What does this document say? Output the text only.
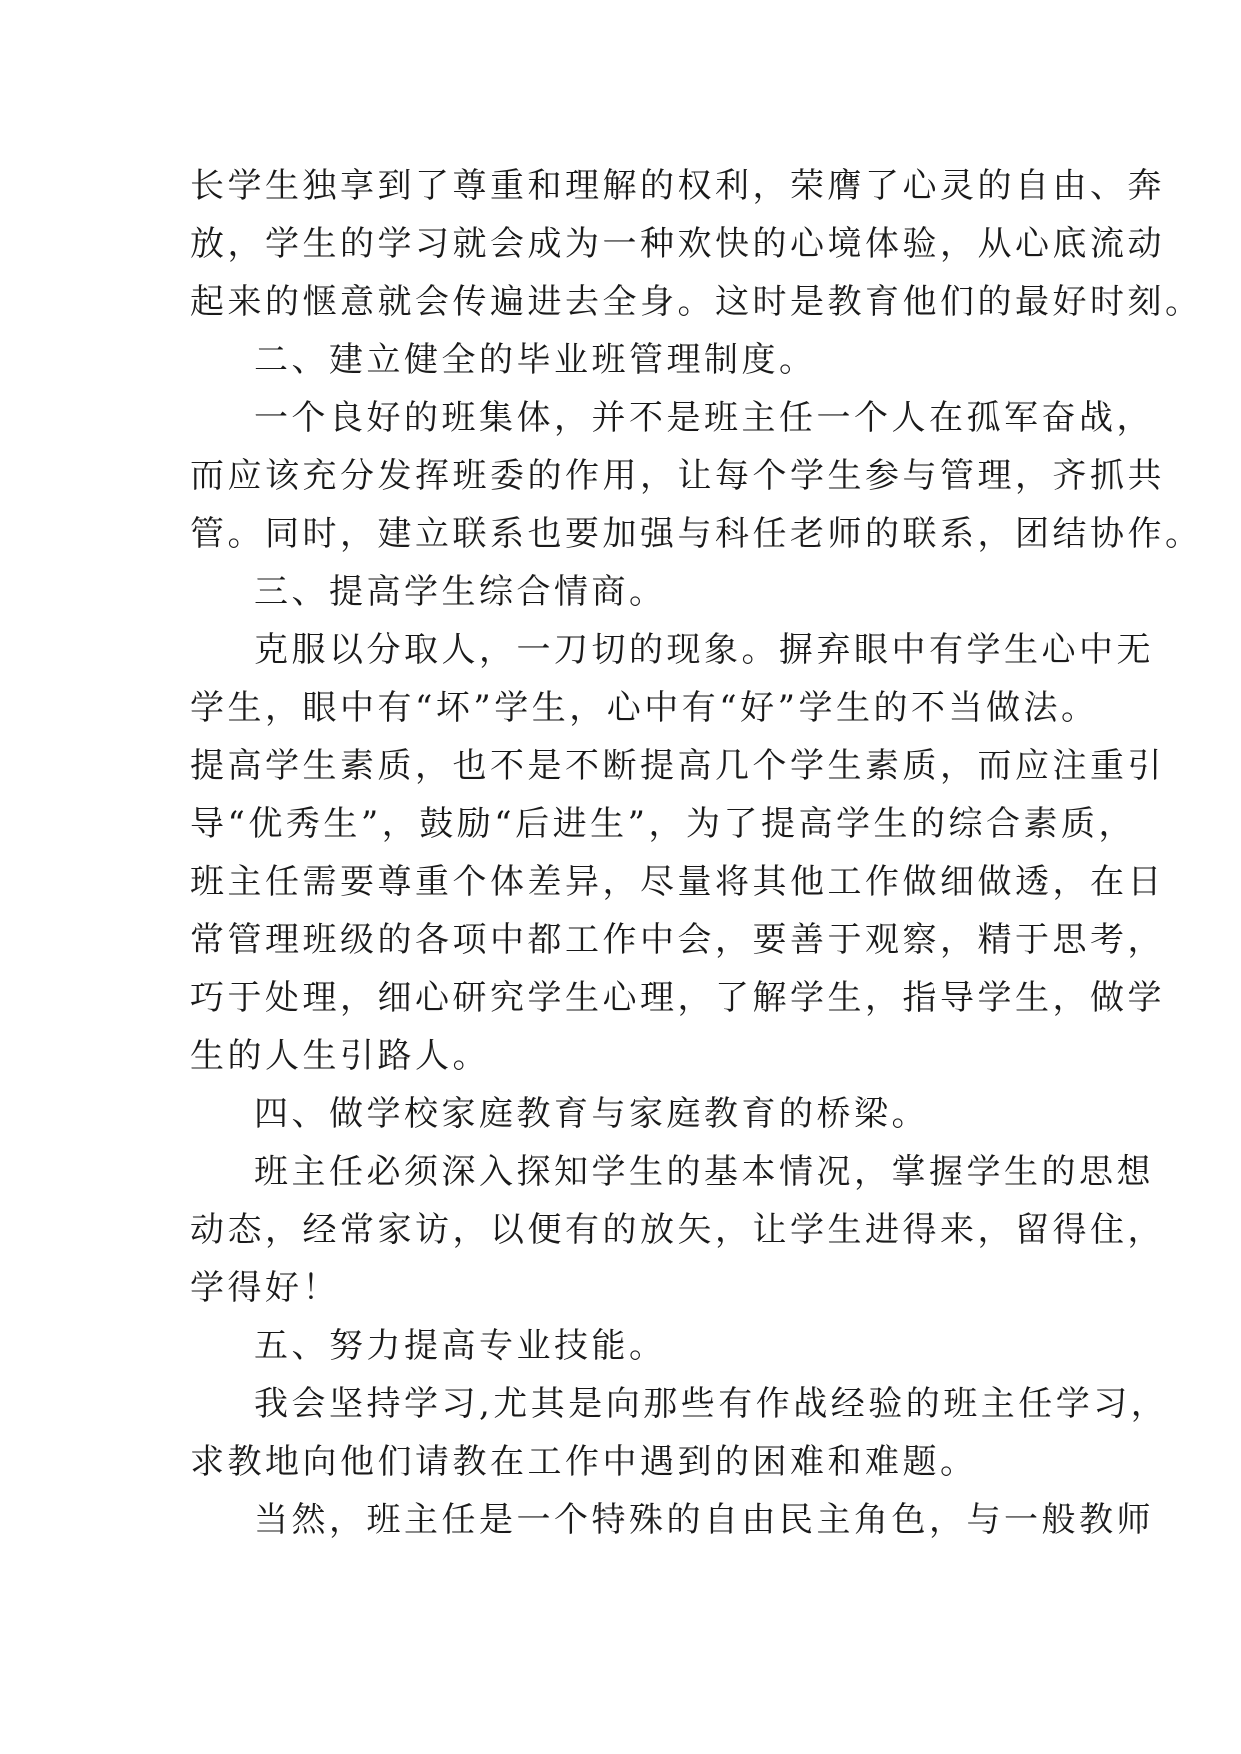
长学生独享到了尊重和理解的权利，荣膺了心灵的自由、奔
放，学生的学习就会成为一种欢快的心境体验，从心底流动
起来的惬意就会传遍进去全身。这时是教育他们的最好时刻。
二、建立健全的毕业班管理制度。
一个良好的班集体，并不是班主任一个人在孤军奋战，
而应该充分发挥班委的作用，让每个学生参与管理，齐抓共
管。同时，建立联系也要加强与科任老师的联系，团结协作。
三、提高学生综合情商。
克服以分取人，一刀切的现象。摒弃眼中有学生心中无
学生，眼中有“坏”学生，心中有“好”学生的不当做法。
提高学生素质，也不是不断提高几个学生素质，而应注重引
导“优秀生”，鼓励“后进生”，为了提高学生的综合素质，
班主任需要尊重个体差异，尽量将其他工作做细做透，在日
常管理班级的各项中都工作中会，要善于观察，精于思考，
巧于处理，细心研究学生心理，了解学生，指导学生，做学
生的人生引路人。
四、做学校家庭教育与家庭教育的桥梁。
班主任必须深入探知学生的基本情况，掌握学生的思想
动态，经常家访，以便有的放矢，让学生进得来，留得住，
学得好！
五、努力提高专业技能。
我会坚持学习,尤其是向那些有作战经验的班主任学习，
求教地向他们请教在工作中遇到的困难和难题。
当然，班主任是一个特殊的自由民主角色，与一般教师
